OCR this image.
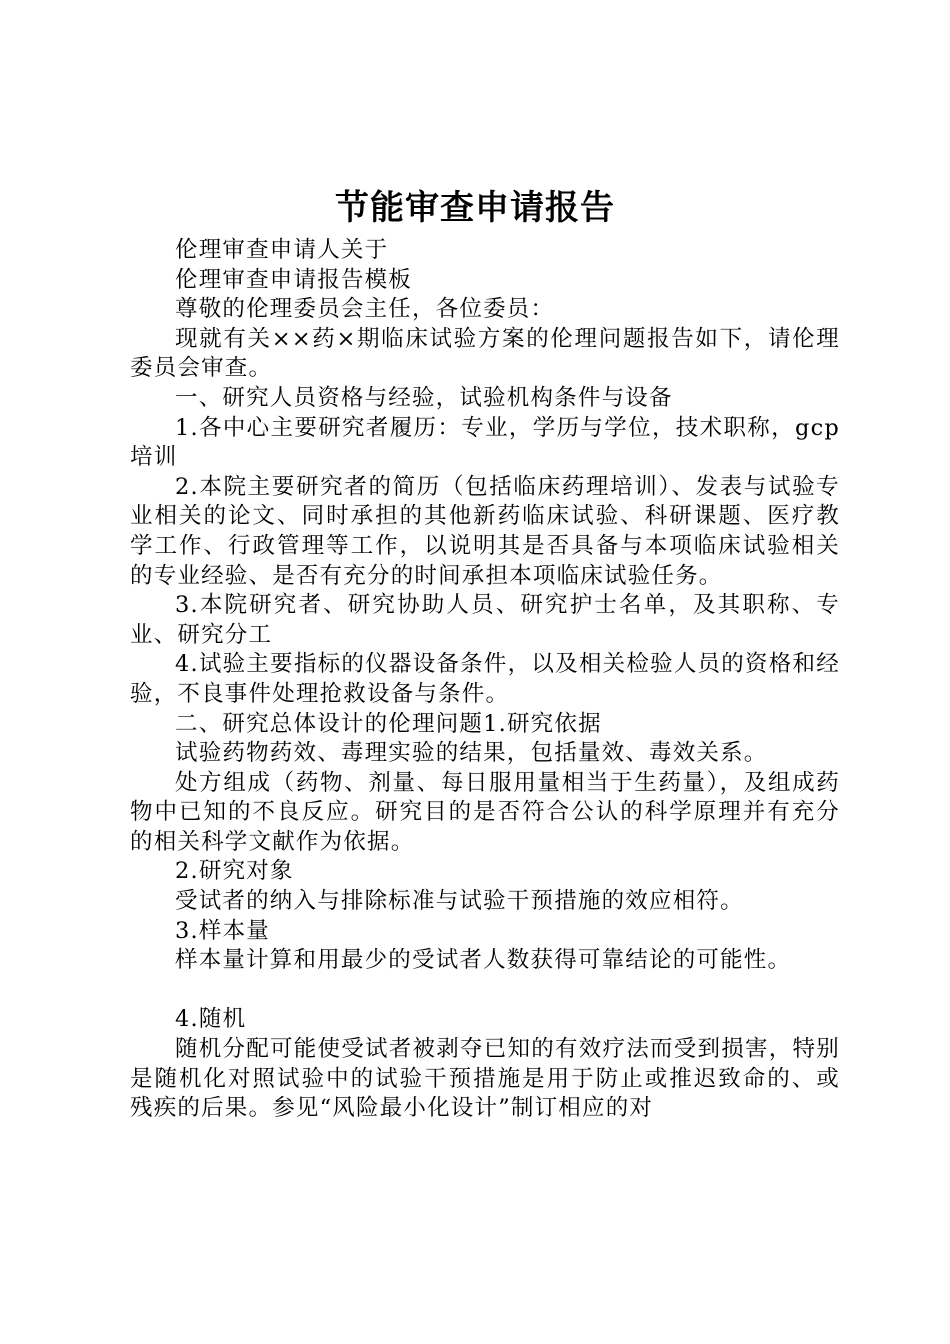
节能审查申请报告

伦理审查申请人关于

伦理审查申请报告模板

尊敬的伦理委员会主任，各位委员：

现就有关××药×期临床试验方案的伦理问题报告如下，请伦理委员会审查。

一、研究人员资格与经验，试验机构条件与设备

1.各中心主要研究者履历：专业，学历与学位，技术职称，gcp培训

2.本院主要研究者的简历（包括临床药理培训）、发表与试验专业相关的论文、同时承担的其他新药临床试验、科研课题、医疗教学工作、行政管理等工作，以说明其是否具备与本项临床试验相关的专业经验、是否有充分的时间承担本项临床试验任务。

3.本院研究者、研究协助人员、研究护士名单，及其职称、专业、研究分工

4.试验主要指标的仪器设备条件，以及相关检验人员的资格和经验，不良事件处理抢救设备与条件。

二、研究总体设计的伦理问题1.研究依据

试验药物药效、毒理实验的结果，包括量效、毒效关系。

处方组成（药物、剂量、每日服用量相当于生药量），及组成药物中已知的不良反应。研究目的是否符合公认的科学原理并有充分的相关科学文献作为依据。

2.研究对象

受试者的纳入与排除标准与试验干预措施的效应相符。

3.样本量

样本量计算和用最少的受试者人数获得可靠结论的可能性。

4.随机

随机分配可能使受试者被剥夺已知的有效疗法而受到损害，特别是随机化对照试验中的试验干预措施是用于防止或推迟致命的、或残疾的后果。参见“风险最小化设计”制订相应的对
